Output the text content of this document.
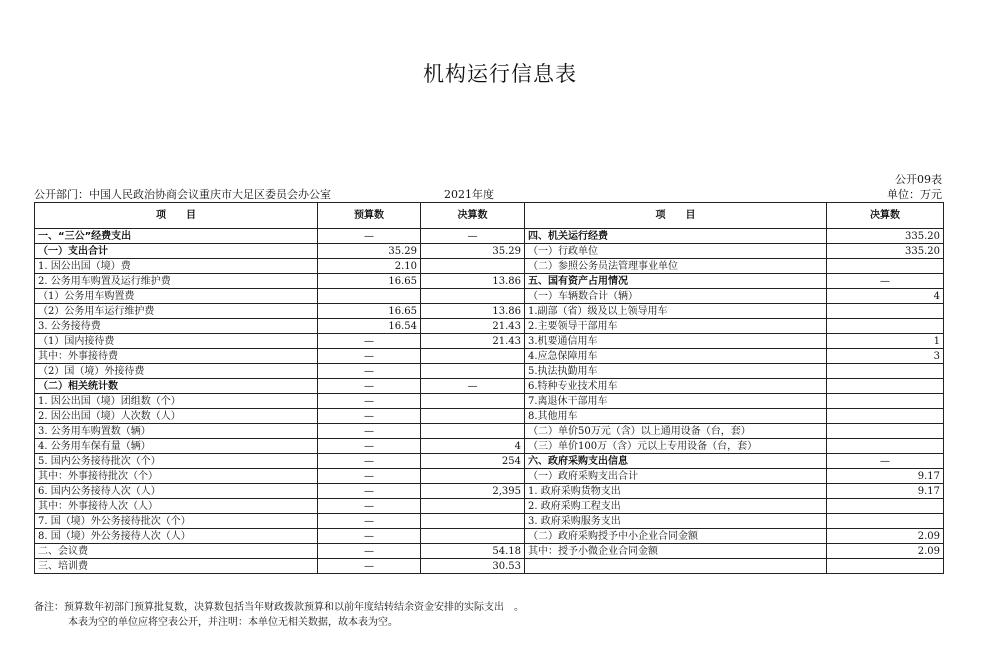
机构运行信息表
公开09表
公开部门：中国人民政治协商会议重庆市大足区委员会办公室	2021年度	单位：万元
项　　目	预算数	决算数	项　　目	决算数
一、“三公”经费支出	—	—	四、机关运行经费	335.20
（一）支出合计	35.29	35.29	（一）行政单位	335.20
1. 因公出国（境）费	2.10		（二）参照公务员法管理事业单位	
2. 公务用车购置及运行维护费	16.65	13.86	五、国有资产占用情况	—
（1）公务用车购置费			（一）车辆数合计（辆）	4
（2）公务用车运行维护费	16.65	13.86	1.副部（省）级及以上领导用车	
3. 公务接待费	16.54	21.43	2.主要领导干部用车	
（1）国内接待费	—	21.43	3.机要通信用车	1
其中：外事接待费	—		4.应急保障用车	3
（2）国（境）外接待费	—		5.执法执勤用车	
（二）相关统计数	—	—	6.特种专业技术用车	
1. 因公出国（境）团组数（个）	—		7.离退休干部用车	
2. 因公出国（境）人次数（人）	—		8.其他用车	
3. 公务用车购置数（辆）	—		（二）单价50万元（含）以上通用设备（台，套）	
4. 公务用车保有量（辆）	—	4	（三）单价100万（含）元以上专用设备（台，套）	
5. 国内公务接待批次（个）	—	254	六、政府采购支出信息	—
其中：外事接待批次（个）	—		（一）政府采购支出合计	9.17
6. 国内公务接待人次（人）	—	2,395	1. 政府采购货物支出	9.17
其中：外事接待人次（人）	—		2. 政府采购工程支出	
7. 国（境）外公务接待批次（个）	—		3. 政府采购服务支出	
8. 国（境）外公务接待人次（人）	—		（二）政府采购授予中小企业合同金额	2.09
二、会议费	—	54.18	其中：授予小微企业合同金额	2.09
三、培训费	—	30.53		
备注：预算数年初部门预算批复数，决算数包括当年财政拨款预算和以前年度结转结余资金安排的实际支出　。
本表为空的单位应将空表公开，并注明：本单位无相关数据，故本表为空。
